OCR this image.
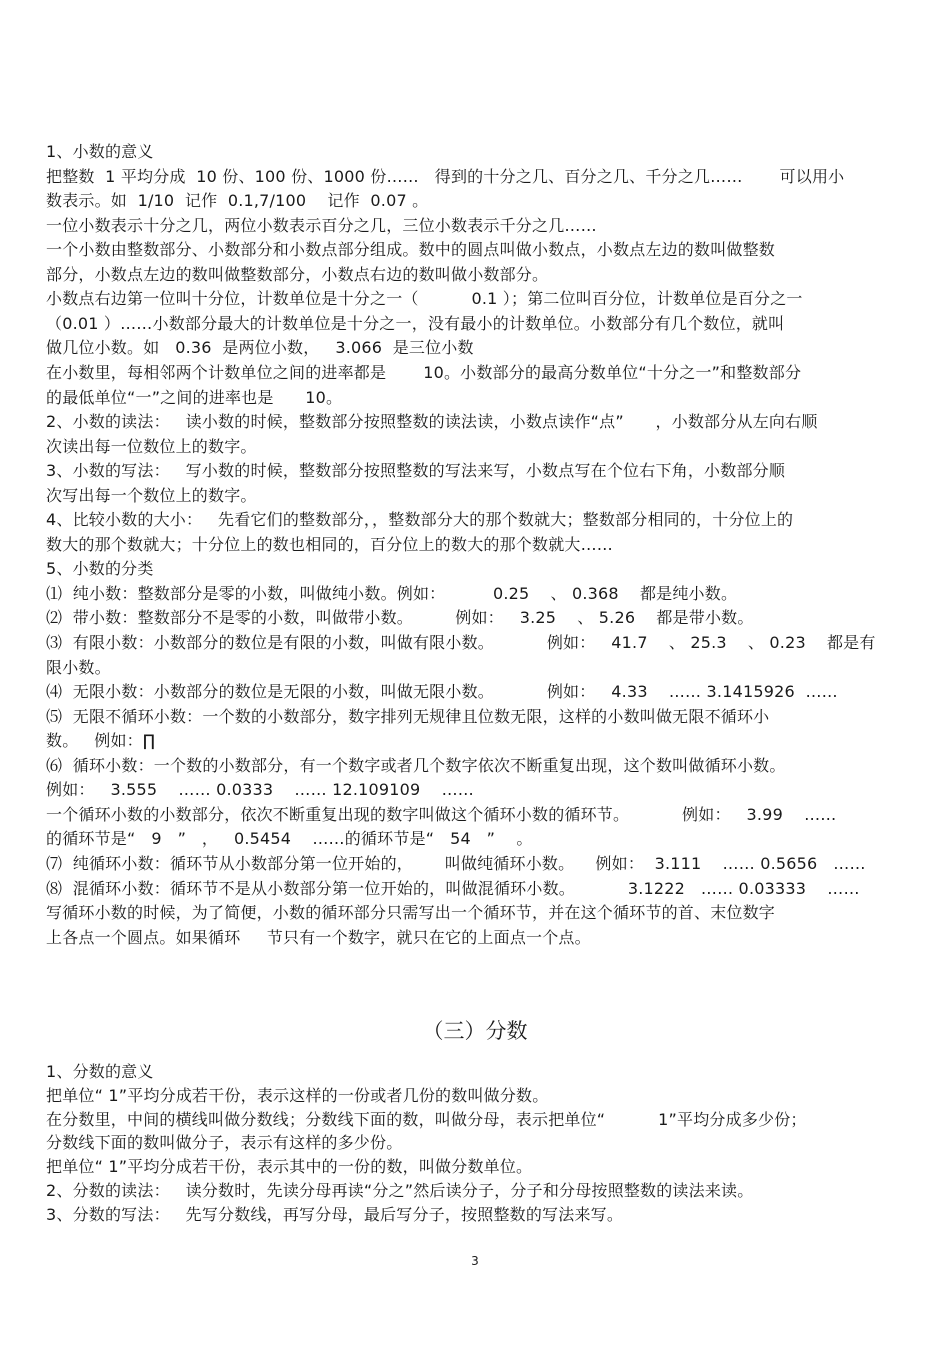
1、小数的意义
把整数  1 平均分成  10 份、100 份、1000 份……   得到的十分之几、百分之几、千分之几……       可以用小
数表示。如  1/10  记作  0.1,7/100    记作  0.07 。
一位小数表示十分之几，两位小数表示百分之几，三位小数表示千分之几……
一个小数由整数部分、小数部分和小数点部分组成。数中的圆点叫做小数点，小数点左边的数叫做整数
部分，小数点左边的数叫做整数部分，小数点右边的数叫做小数部分。
小数点右边第一位叫十分位，计数单位是十分之一（          0.1 ）；第二位叫百分位，计数单位是百分之一
（0.01 ）……小数部分最大的计数单位是十分之一，没有最小的计数单位。小数部分有几个数位，就叫
做几位小数。如   0.36  是两位小数，   3.066  是三位小数
在小数里，每相邻两个计数单位之间的进率都是       10。小数部分的最高分数单位“十分之一”和整数部分
的最低单位“一”之间的进率也是      10。
2、小数的读法：   读小数的时候，整数部分按照整数的读法读，小数点读作“点”      ，小数部分从左向右顺
次读出每一位数位上的数字。
3、小数的写法：   写小数的时候，整数部分按照整数的写法来写，小数点写在个位右下角，小数部分顺
次写出每一个数位上的数字。
4、比较小数的大小：   先看它们的整数部分，，整数部分大的那个数就大；整数部分相同的，十分位上的
数大的那个数就大；十分位上的数也相同的，百分位上的数大的那个数就大……
5、小数的分类
⑴  纯小数：整数部分是零的小数，叫做纯小数。例如：         0.25    、 0.368    都是纯小数。
⑵  带小数：整数部分不是零的小数，叫做带小数。        例如：   3.25    、 5.26    都是带小数。
⑶  有限小数：小数部分的数位是有限的小数，叫做有限小数。          例如：   41.7    、 25.3    、 0.23    都是有
限小数。
⑷  无限小数：小数部分的数位是无限的小数，叫做无限小数。          例如：   4.33    …… 3.1415926  ……
⑸  无限不循环小数：一个数的小数部分，数字排列无规律且位数无限，这样的小数叫做无限不循环小
数。   例如：∏
⑹  循环小数：一个数的小数部分，有一个数字或者几个数字依次不断重复出现，这个数叫做循环小数。
例如：   3.555    …… 0.0333    …… 12.109109    ……
一个循环小数的小数部分，依次不断重复出现的数字叫做这个循环小数的循环节。          例如：   3.99    ……
的循环节是“   9   ”   ，   0.5454    ……的循环节是“   54   ”    。
⑺  纯循环小数：循环节从小数部分第一位开始的，      叫做纯循环小数。    例如：  3.111    …… 0.5656   ……
⑻  混循环小数：循环节不是从小数部分第一位开始的，叫做混循环小数。          3.1222   …… 0.03333    ……
写循环小数的时候，为了简便，小数的循环部分只需写出一个循环节，并在这个循环节的首、末位数字
上各点一个圆点。如果循环     节只有一个数字，就只在它的上面点一个点。
（三）分数
1、分数的意义
把单位“ 1”平均分成若干份，表示这样的一份或者几份的数叫做分数。
在分数里，中间的横线叫做分数线；分数线下面的数，叫做分母，表示把单位“          1”平均分成多少份；
分数线下面的数叫做分子，表示有这样的多少份。
把单位“ 1”平均分成若干份，表示其中的一份的数，叫做分数单位。
2、分数的读法：   读分数时，先读分母再读“分之”然后读分子，分子和分母按照整数的读法来读。
3、分数的写法：   先写分数线，再写分母，最后写分子，按照整数的写法来写。
3
